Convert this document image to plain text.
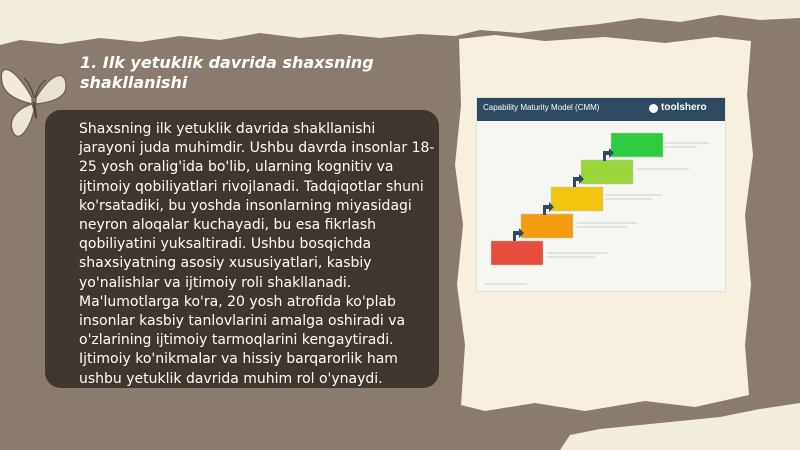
1. Ilk yetuklik davrida shaxsning shakllanishi

Shaxsning ilk yetuklik davrida shakllanishi jarayoni juda muhimdir. Ushbu davrda insonlar 18-25 yosh oralig'ida bo'lib, ularning kognitiv va ijtimoiy qobiliyatlari rivojlanadi. Tadqiqotlar shuni ko'rsatadiki, bu yoshda insonlarning miyasidagi neyron aloqalar kuchayadi, bu esa fikrlash qobiliyatini yuksaltiradi. Ushbu bosqichda shaxsiyatning asosiy xususiyatlari, kasbiy yo'nalishlar va ijtimoiy roli shakllanadi. Ma'lumotlarga ko'ra, 20 yosh atrofida ko'plab insonlar kasbiy tanlovlarini amalga oshiradi va o'zlarining ijtimoiy tarmoqlarini kengaytiradi. Ijtimoiy ko'nikmalar va hissiy barqarorlik ham ushbu yetuklik davrida muhim rol o'ynaydi.

Capability Maturity Model (CMM)	toolshero
